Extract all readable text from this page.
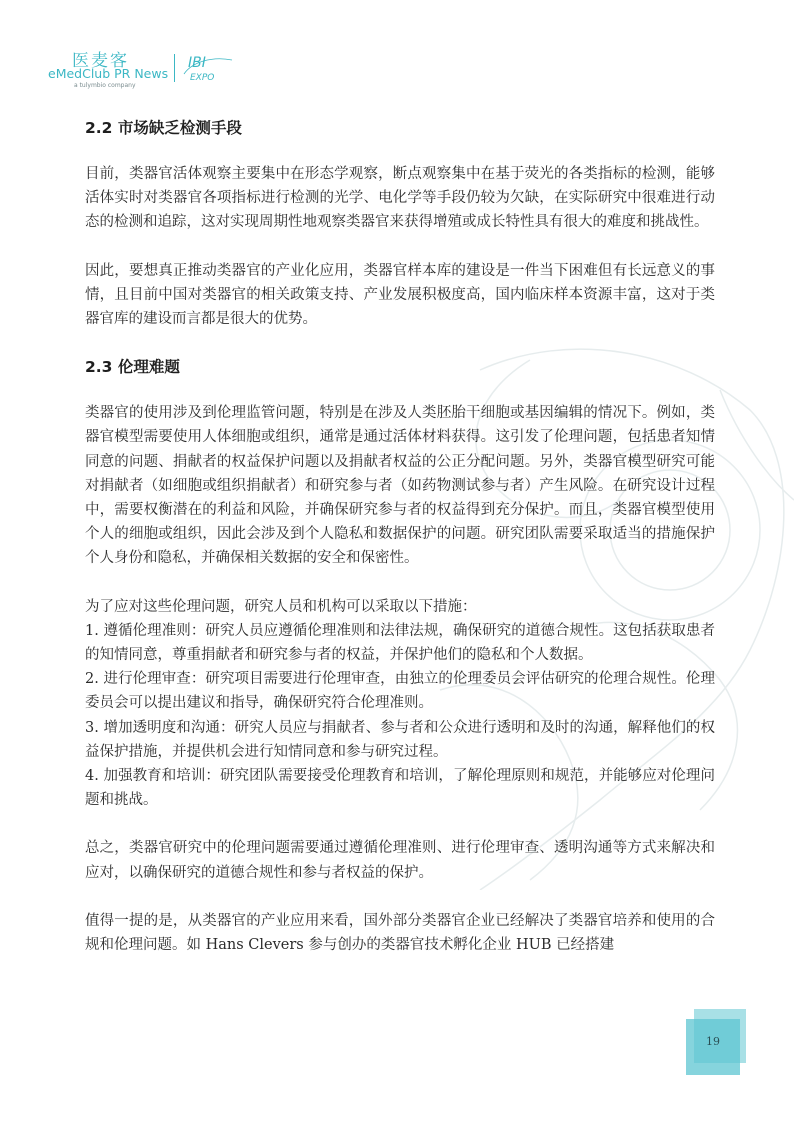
医麦客
eMedClub PR News
a tulymbio company
IBI
EXPO
2.2 市场缺乏检测手段

目前，类器官活体观察主要集中在形态学观察，断点观察集中在基于荧光的各类指标的检测，能够活体实时对类器官各项指标进行检测的光学、电化学等手段仍较为欠缺，在实际研究中很难进行动态的检测和追踪，这对实现周期性地观察类器官来获得增殖或成长特性具有很大的难度和挑战性。

因此，要想真正推动类器官的产业化应用，类器官样本库的建设是一件当下困难但有长远意义的事情，且目前中国对类器官的相关政策支持、产业发展积极度高，国内临床样本资源丰富，这对于类器官库的建设而言都是很大的优势。

2.3 伦理难题

类器官的使用涉及到伦理监管问题，特别是在涉及人类胚胎干细胞或基因编辑的情况下。例如，类器官模型需要使用人体细胞或组织，通常是通过活体材料获得。这引发了伦理问题，包括患者知情同意的问题、捐献者的权益保护问题以及捐献者权益的公正分配问题。另外，类器官模型研究可能对捐献者（如细胞或组织捐献者）和研究参与者（如药物测试参与者）产生风险。在研究设计过程中，需要权衡潜在的利益和风险，并确保研究参与者的权益得到充分保护。而且，类器官模型使用个人的细胞或组织，因此会涉及到个人隐私和数据保护的问题。研究团队需要采取适当的措施保护个人身份和隐私，并确保相关数据的安全和保密性。

为了应对这些伦理问题，研究人员和机构可以采取以下措施：

1. 遵循伦理准则：研究人员应遵循伦理准则和法律法规，确保研究的道德合规性。这包括获取患者的知情同意，尊重捐献者和研究参与者的权益，并保护他们的隐私和个人数据。

2. 进行伦理审查：研究项目需要进行伦理审查，由独立的伦理委员会评估研究的伦理合规性。伦理委员会可以提出建议和指导，确保研究符合伦理准则。

3. 增加透明度和沟通：研究人员应与捐献者、参与者和公众进行透明和及时的沟通，解释他们的权益保护措施，并提供机会进行知情同意和参与研究过程。

4. 加强教育和培训：研究团队需要接受伦理教育和培训，了解伦理原则和规范，并能够应对伦理问题和挑战。

总之，类器官研究中的伦理问题需要通过遵循伦理准则、进行伦理审查、透明沟通等方式来解决和应对，以确保研究的道德合规性和参与者权益的保护。

值得一提的是，从类器官的产业应用来看，国外部分类器官企业已经解决了类器官培养和使用的合规和伦理问题。如 Hans Clevers 参与创办的类器官技术孵化企业 HUB 已经搭建

19
